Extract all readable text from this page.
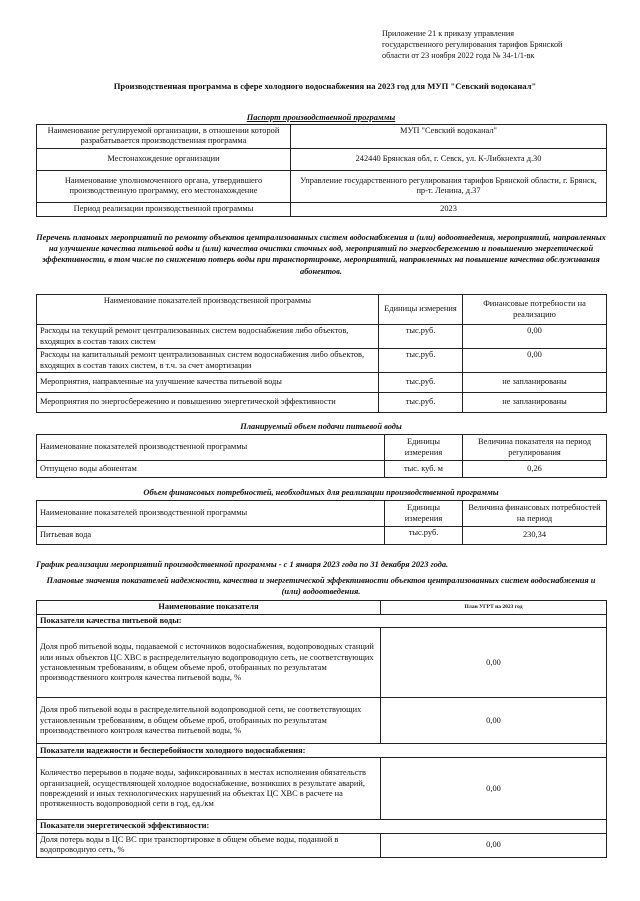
Приложение 21 к приказу управления
государственного регулирования тарифов Брянской
области от 23 ноября 2022 года № 34-1/1-вк
Производственная программа в сфере холодного водоснабжения на 2023 год для МУП "Севский водоканал"
Паспорт производственной программы
Наименование регулируемой организации, в отношении которой разрабатывается производственная программа	МУП "Севский водоканал"
Местонахождение организации	242440 Брянская обл, г. Севск, ул. К-Либкнехта д.30
Наименование уполномоченного органа, утвердившего производственную программу, его местонахождение	Управление государственного регулирования тарифов Брянской области, г. Брянск, пр-т. Ленина, д.37
Период реализации производственной программы	2023
Перечень плановых мероприятий по ремонту объектов централизованных систем водоснабжения и (или) водоотведения, мероприятий, направленных на улучшение качества питьевой воды и (или) качества очистки сточных вод, мероприятий по энергосбережению и повышению энергетической эффективности, в том числе по снижению потерь воды при транспортировке, мероприятий, направленных на повышение качества обслуживания абонентов.
Наименование показателей производственной программы	Единицы измерения	Финансовые потребности на реализацию
Расходы на текущий ремонт централизованных систем водоснабжения либо объектов, входящих в состав таких систем	тыс.руб.	0,00
Расходы на капитальный ремонт централизованных систем водоснабжения либо объектов, входящих в состав таких систем, в т.ч. за счет амортизации	тыс.руб.	0,00
Мероприятия, направленные на улучшение качества питьевой воды	тыс.руб.	не запланированы
Мероприятия по энергосбережению и повышению энергетической эффективности	тыс.руб.	не запланированы
Планируемый объем подачи питьевой воды
Наименование показателей производственной программы	Единицы измерения	Величина показателя на период регулирования
Отпущено воды абонентам	тыс. куб. м	0,26
Объем финансовых потребностей, необходимых для реализации производственной программы
Наименование показателей производственной программы	Единицы измерения	Величина финансовых потребностей на период
Питьевая вода	тыс.руб.	230,34
График реализации мероприятий производственной программы - с 1 января 2023 года по 31 декабря 2023 года.
Плановые значения показателей надежности, качества и энергетической эффективности объектов централизованных систем водоснабжения и (или) водоотведения.
Наименование показателя	План УГРТ на 2023 год
Показатели качества питьевой воды:	
Доля проб питьевой воды, подаваемой с источников водоснабжения, водопроводных станций или иных объектов ЦС ХВС в распределительную водопроводную сеть, не соответствующих установленным требованиям, в общем объеме проб, отобранных по результатам производственного контроля качества питьевой воды, %	0,00
Доля проб питьевой воды в распределительной водопроводной сети, не соответствующих установленным требованиям, в общем объеме проб, отобранных по результатам производственного контроля качества питьевой воды, %	0,00
Показатели надежности и бесперебойности холодного водоснабжения:	
Количество перерывов в подаче воды, зафиксированных в местах исполнения обязательств организацией, осуществляющей холодное водоснабжение, возникших в результате аварий, повреждений и иных технологических нарушений на объектах ЦС ХВС в расчете на протяженность водопроводной сети в год, ед./км	0,00
Показатели энергетической эффективности:	
Доля потерь воды в ЦС ВС при транспортировке в общем объеме воды, поданной в водопроводную сеть, %	0,00
